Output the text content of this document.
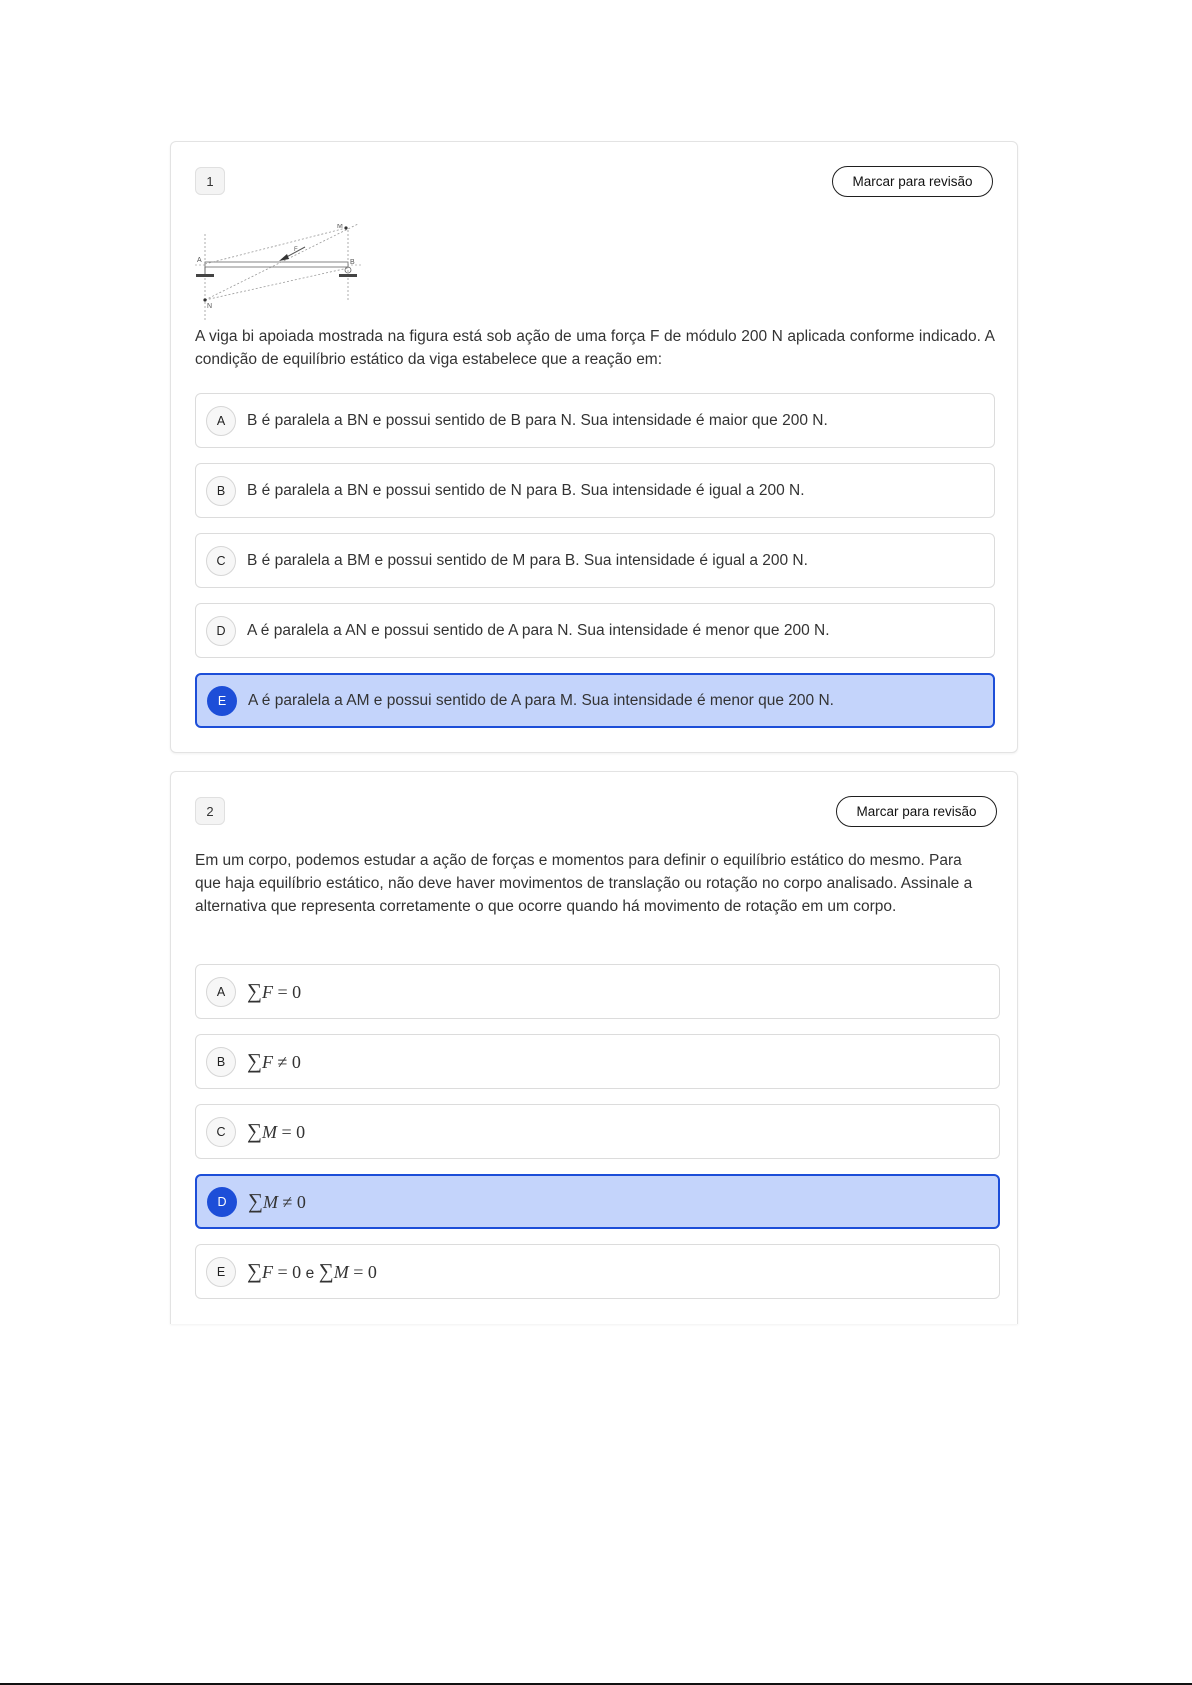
1	Marcar para revisão
A	B
M
N
F
A viga bi apoiada mostrada na figura está sob ação de uma força F de módulo 200 N aplicada conforme indicado. A condição de equilíbrio estático da viga estabelece que a reação em:
A	B é paralela a BN e possui sentido de B para N. Sua intensidade é maior que 200 N.
B	B é paralela a BN e possui sentido de N para B. Sua intensidade é igual a 200 N.
C	B é paralela a BM e possui sentido de M para B. Sua intensidade é igual a 200 N.
D	A é paralela a AN e possui sentido de A para N. Sua intensidade é menor que 200 N.
E	A é paralela a AM e possui sentido de A para M. Sua intensidade é menor que 200 N.
2	Marcar para revisão
Em um corpo, podemos estudar a ação de forças e momentos para definir o equilíbrio estático do mesmo. Para que haja equilíbrio estático, não deve haver movimentos de translação ou rotação no corpo analisado. Assinale a alternativa que representa corretamente o que ocorre quando há movimento de rotação em um corpo.
A	∑F = 0
B	∑F ≠ 0
C	∑M = 0
D	∑M ≠ 0
E	∑F = 0 e ∑M = 0
